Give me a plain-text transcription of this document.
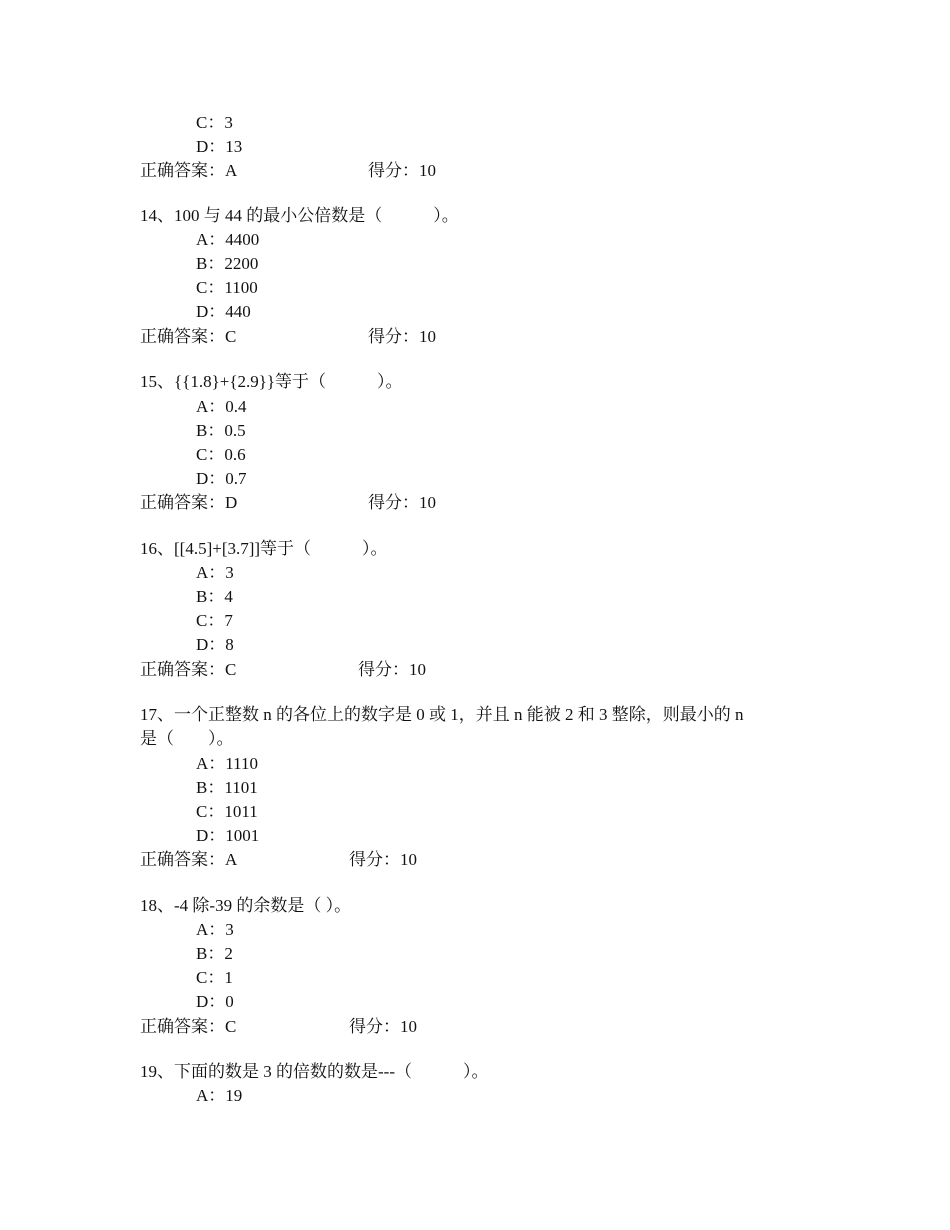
C：3
D：13
正确答案：A	得分：10
14、100 与 44 的最小公倍数是（　　　）。
A：4400
B：2200
C：1100
D：440
正确答案：C	得分：10
15、{{1.8}+{2.9}}等于（　　　）。
A：0.4
B：0.5
C：0.6
D：0.7
正确答案：D	得分：10
16、[[4.5]+[3.7]]等于（　　　）。
A：3
B：4
C：7
D：8
正确答案：C	得分：10
17、一个正整数 n 的各位上的数字是 0 或 1，并且 n 能被 2 和 3 整除，则最小的 n
是（　　）。
A：1110
B：1101
C：1011
D：1001
正确答案：A	得分：10
18、-4 除-39 的余数是（ ）。
A：3
B：2
C：1
D：0
正确答案：C	得分：10
19、下面的数是 3 的倍数的数是---（　　　）。
A：19
